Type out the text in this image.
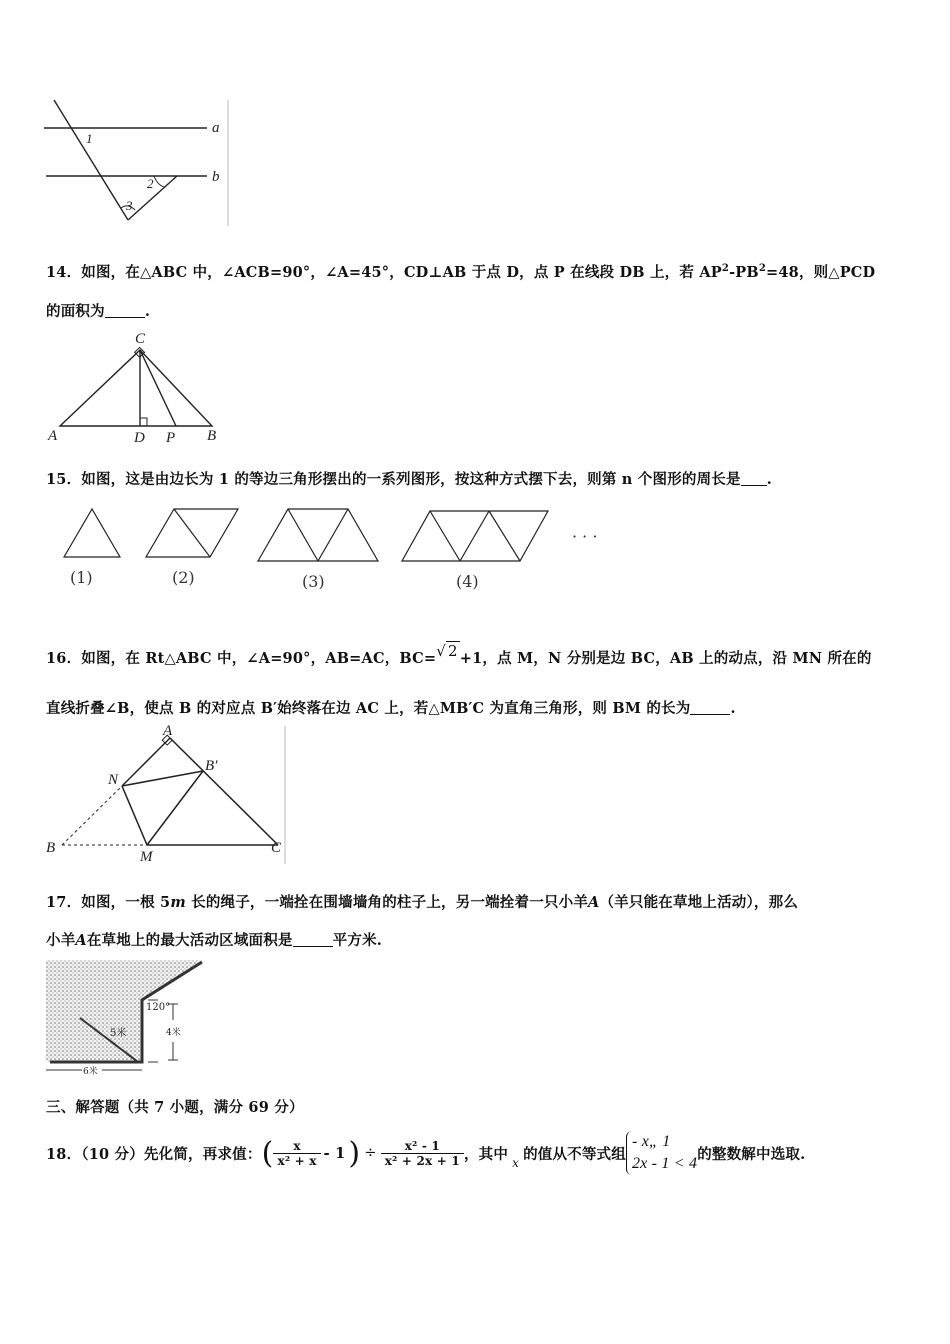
a
b
1
2
3
14．如图，在△ABC 中，∠ACB=90°，∠A=45°，CD⊥AB 于点 D，点 P 在线段 DB 上，若 $AP^2-PB^2=48$，则△PCD
的面积为	.
C
A	D P B
15．如图，这是由边长为 1 的等边三角形摆出的一系列图形，按这种方式摆下去，则第 n 个图形的周长是 .
(1)	(2)	(3)	(4)
· · ·
16．如图，在 Rt△ABC 中，∠A=90°，AB=AC，BC=√ 2 +1，点 M，N 分别是边 BC，AB 上的动点，沿 MN 所在的
直线折叠∠B，使点 B 的对应点 B′始终落在边 AC 上，若△MB′C 为直角三角形，则 BM 的长为	.
A
B′
N
B
M
C
17．如图，一根 5m 长的绳子，一端拴在围墙墙角的柱子上，另一端拴着一只小羊A（羊只能在草地上活动），那么
小羊A在草地上的最大活动区域面积是	平方米.
120°
5米	4米
6米
三、解答题（共 7 小题，满分 69 分）
18．（10 分）先化简，再求值： ( $\frac{x}{\text{x² + x}} - 1$ ) ÷ $\frac{\text{x² - 1}}{\text{x² + 2x + 1}}$ ，其中
x
的值从不等式组
- x„ 1
2x - 1 < 4
的整数解中选取.
